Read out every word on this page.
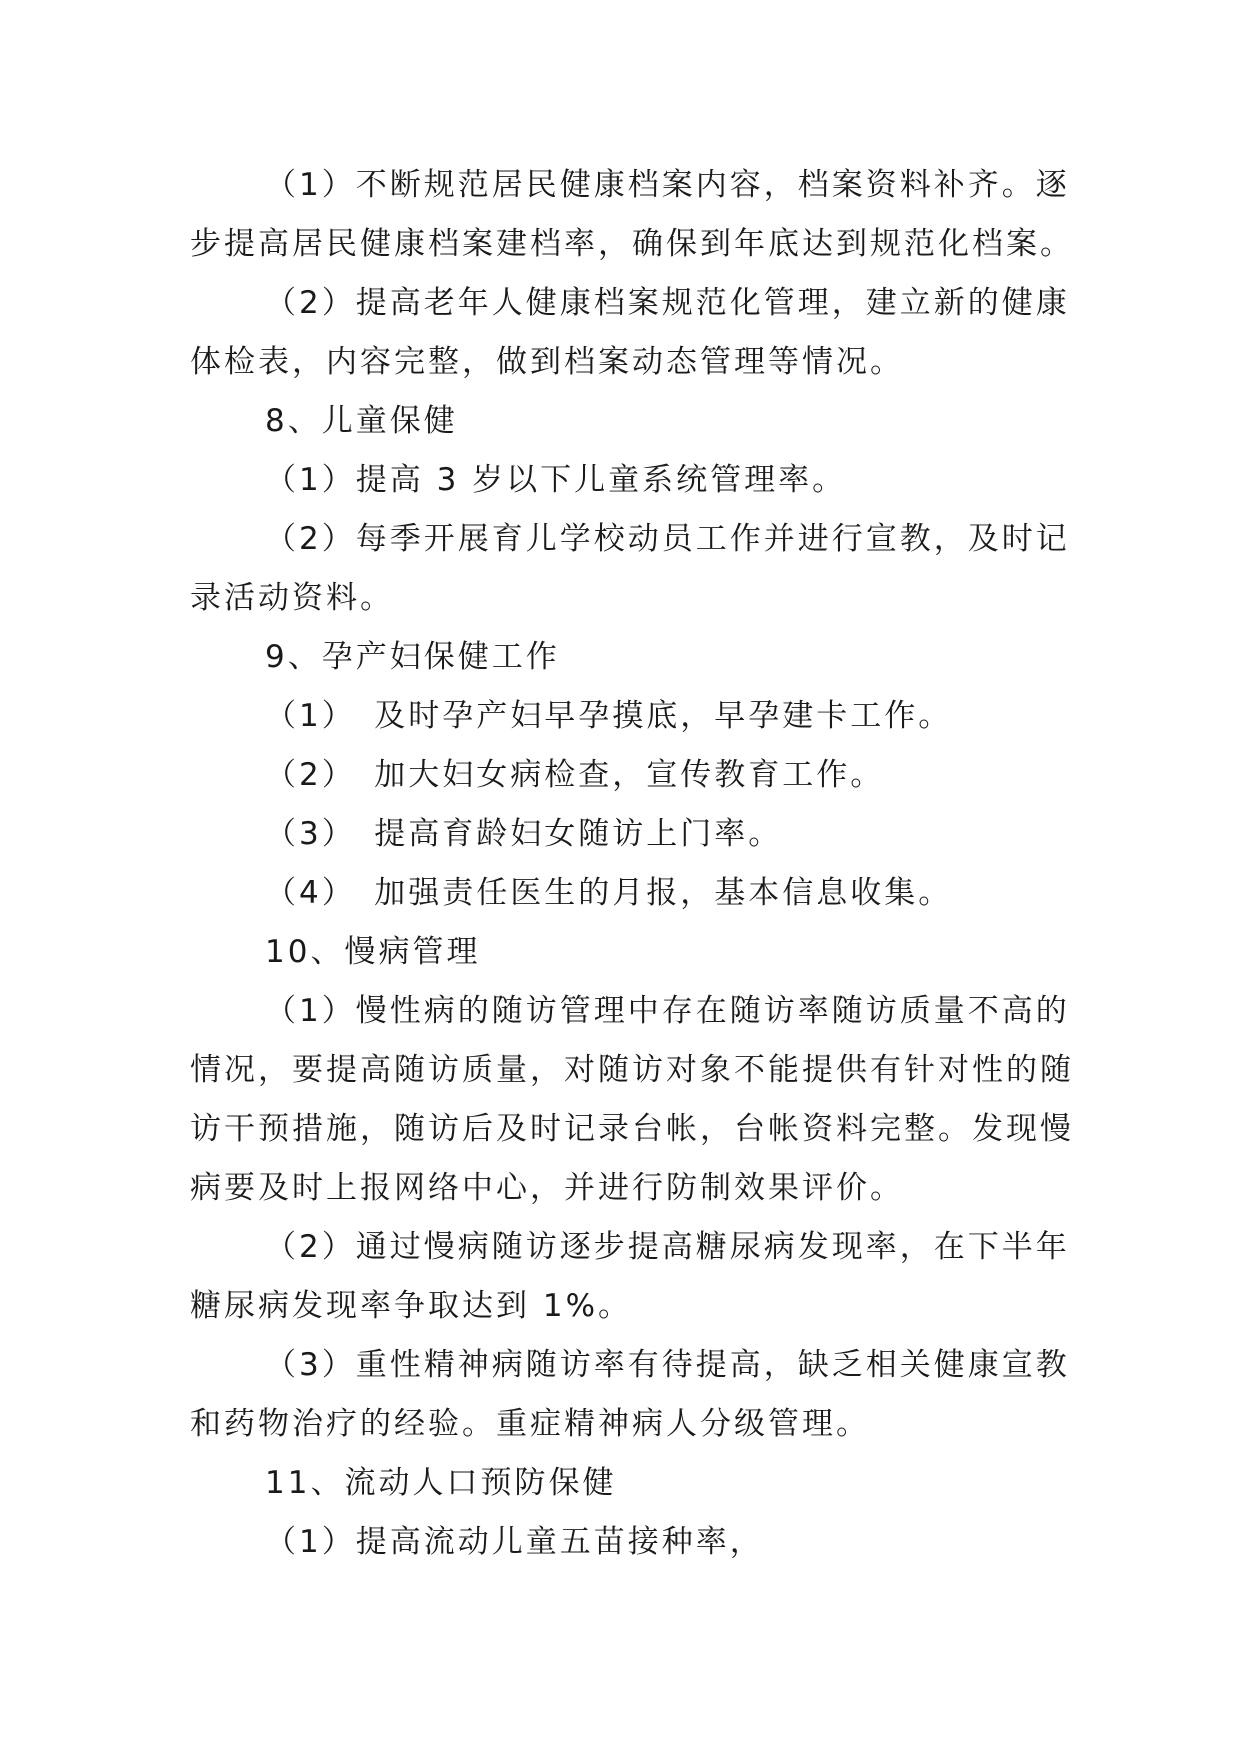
（1）不断规范居民健康档案内容，档案资料补齐。逐
步提高居民健康档案建档率，确保到年底达到规范化档案。
（2）提高老年人健康档案规范化管理，建立新的健康
体检表，内容完整，做到档案动态管理等情况。
8、儿童保健
（1）提高 3 岁以下儿童系统管理率。
（2）每季开展育儿学校动员工作并进行宣教，及时记
录活动资料。
9、孕产妇保健工作
（1）　及时孕产妇早孕摸底，早孕建卡工作。
（2）　加大妇女病检查，宣传教育工作。
（3）　提高育龄妇女随访上门率。
（4）　加强责任医生的月报，基本信息收集。
10、慢病管理
（1）慢性病的随访管理中存在随访率随访质量不高的
情况，要提高随访质量，对随访对象不能提供有针对性的随
访干预措施，随访后及时记录台帐，台帐资料完整。发现慢
病要及时上报网络中心，并进行防制效果评价。
（2）通过慢病随访逐步提高糖尿病发现率，在下半年
糖尿病发现率争取达到 1%。
（3）重性精神病随访率有待提高，缺乏相关健康宣教
和药物治疗的经验。重症精神病人分级管理。
11、流动人口预防保健
（1）提高流动儿童五苗接种率，
